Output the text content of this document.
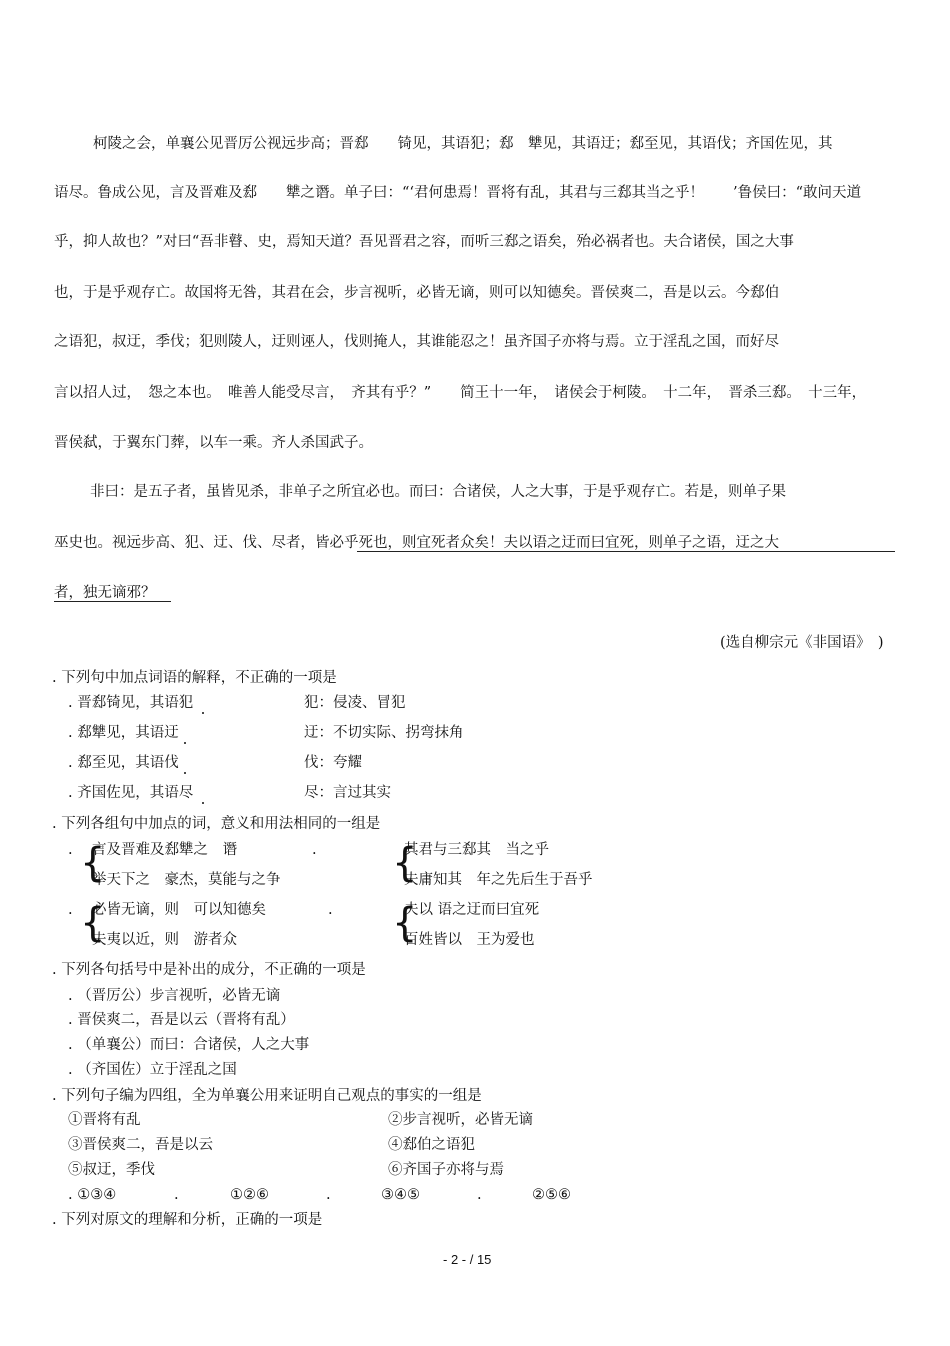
柯陵之会，单襄公见晋厉公视远步高；晋郄　　锜见，其语犯；郄　犨见，其语迂；郄至见，其语伐；齐国佐见，其
语尽。鲁成公见，言及晋难及郄　　犨之谮。单子曰：“‘君何患焉！晋将有乱，其君与三郄其当之乎！　　’鲁侯曰：“敢问天道
乎，抑人故也？”对曰“吾非瞽、史，焉知天道？吾见晋君之容，而听三郄之语矣，殆必祸者也。夫合诸侯，国之大事
也，于是乎观存亡。故国将无咎，其君在会，步言视听，必皆无谪，则可以知德矣。晋侯爽二，吾是以云。今郄伯
之语犯，叔迂，季伐；犯则陵人，迂则诬人，伐则掩人，其谁能忍之！虽齐国子亦将与焉。立于淫乱之国，而好尽
言以招人过，　怨之本也。　唯善人能受尽言，　齐其有乎？”　　简王十一年，　诸侯会于柯陵。　十二年，　晋杀三郄。　十三年，
晋侯弑，于翼东门葬，以车一乘。齐人杀国武子。
非曰：是五子者，虽皆见杀，非单子之所宜必也。而曰：合诸侯，人之大事，于是乎观存亡。若是，则单子果
巫史也。视远步高、犯、迂、伐、尽者，皆必乎死也，则宜死者众矣！夫以语之迂而曰宜死，则单子之语，迂之大
者，独无谪邪？
(选自柳宗元《非国语》　)
. 下列句中加点词语的解释，不正确的一项是
. 晋郄锜见，其语犯	犯：侵凌、冒犯
. 郄犨见，其语迂	迂：不切实际、拐弯抹角
. 郄至见，其语伐	伐：夸耀
. 齐国佐见，其语尽	尽：言过其实
. 下列各组句中加点的词，意义和用法相同的一组是
. {
言及晋难及郄犨之　谮
举天下之　豪杰，莫能与之争
. {
其君与三郄其　当之乎
夫庸知其　年之先后生于吾乎
. {
必皆无谪，则　可以知德矣
夫夷以近，则　游者众
. {
夫以 语之迂而曰宜死
百姓皆以　王为爱也
. 下列各句括号中是补出的成分，不正确的一项是
. （晋厉公）步言视听，必皆无谪
. 晋侯爽二，吾是以云（晋将有乱）
. （单襄公）而曰：合诸侯，人之大事
. （齐国佐）立于淫乱之国
. 下列句子编为四组，全为单襄公用来证明自己观点的事实的一组是
①晋将有乱	②步言视听，必皆无谪
③晋侯爽二，吾是以云	④郄伯之语犯
⑤叔迂，季伐	⑥齐国子亦将与焉
. ①③④	.	①②⑥	.	③④⑤	.	②⑤⑥
. 下列对原文的理解和分析，正确的一项是
- 2 - / 15
